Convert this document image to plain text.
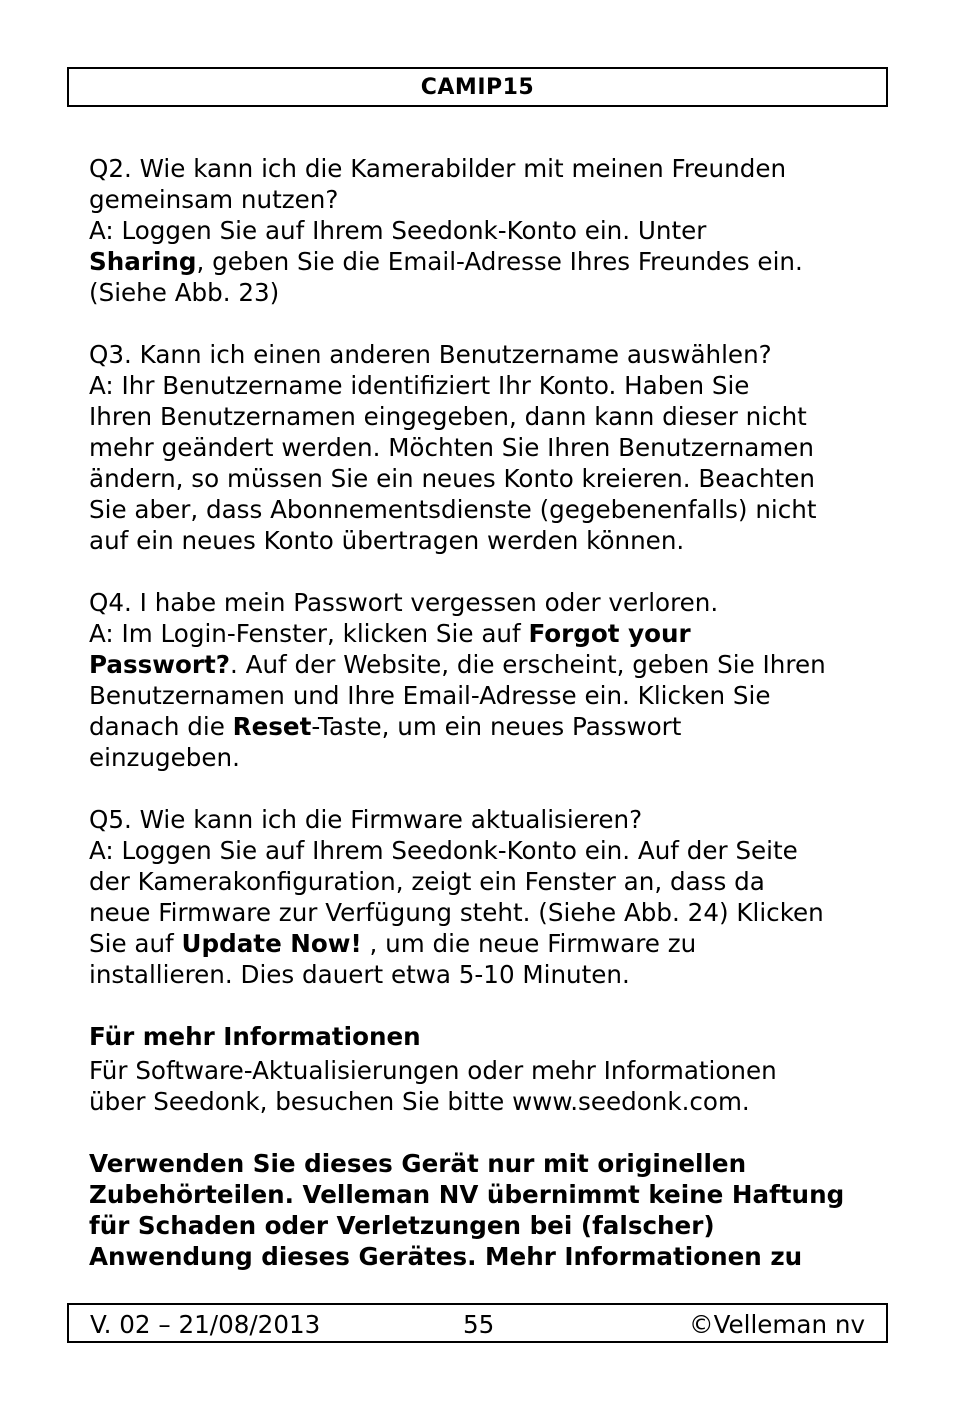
CAMIP15
Q2. Wie kann ich die Kamerabilder mit meinen Freunden
gemeinsam nutzen?
A: Loggen Sie auf Ihrem Seedonk-Konto ein. Unter
Sharing, geben Sie die Email-Adresse Ihres Freundes ein.
(Siehe Abb. 23)
Q3. Kann ich einen anderen Benutzername auswählen?
A: Ihr Benutzername identifiziert Ihr Konto. Haben Sie
Ihren Benutzernamen eingegeben, dann kann dieser nicht
mehr geändert werden. Möchten Sie Ihren Benutzernamen
ändern, so müssen Sie ein neues Konto kreieren. Beachten
Sie aber, dass Abonnementsdienste (gegebenenfalls) nicht
auf ein neues Konto übertragen werden können.
Q4. I habe mein Passwort vergessen oder verloren.
A: Im Login-Fenster, klicken Sie auf Forgot your
Passwort?. Auf der Website, die erscheint, geben Sie Ihren
Benutzernamen und Ihre Email-Adresse ein. Klicken Sie
danach die Reset-Taste, um ein neues Passwort
einzugeben.
Q5. Wie kann ich die Firmware aktualisieren?
A: Loggen Sie auf Ihrem Seedonk-Konto ein. Auf der Seite
der Kamerakonfiguration, zeigt ein Fenster an, dass da
neue Firmware zur Verfügung steht. (Siehe Abb. 24) Klicken
Sie auf Update Now! , um die neue Firmware zu
installieren. Dies dauert etwa 5-10 Minuten.
Für mehr Informationen
Für Software-Aktualisierungen oder mehr Informationen
über Seedonk, besuchen Sie bitte www.seedonk.com.
Verwenden Sie dieses Gerät nur mit originellen
Zubehörteilen. Velleman NV übernimmt keine Haftung
für Schaden oder Verletzungen bei (falscher)
Anwendung dieses Gerätes. Mehr Informationen zu
V. 02 – 21/08/2013	55	©Velleman nv
